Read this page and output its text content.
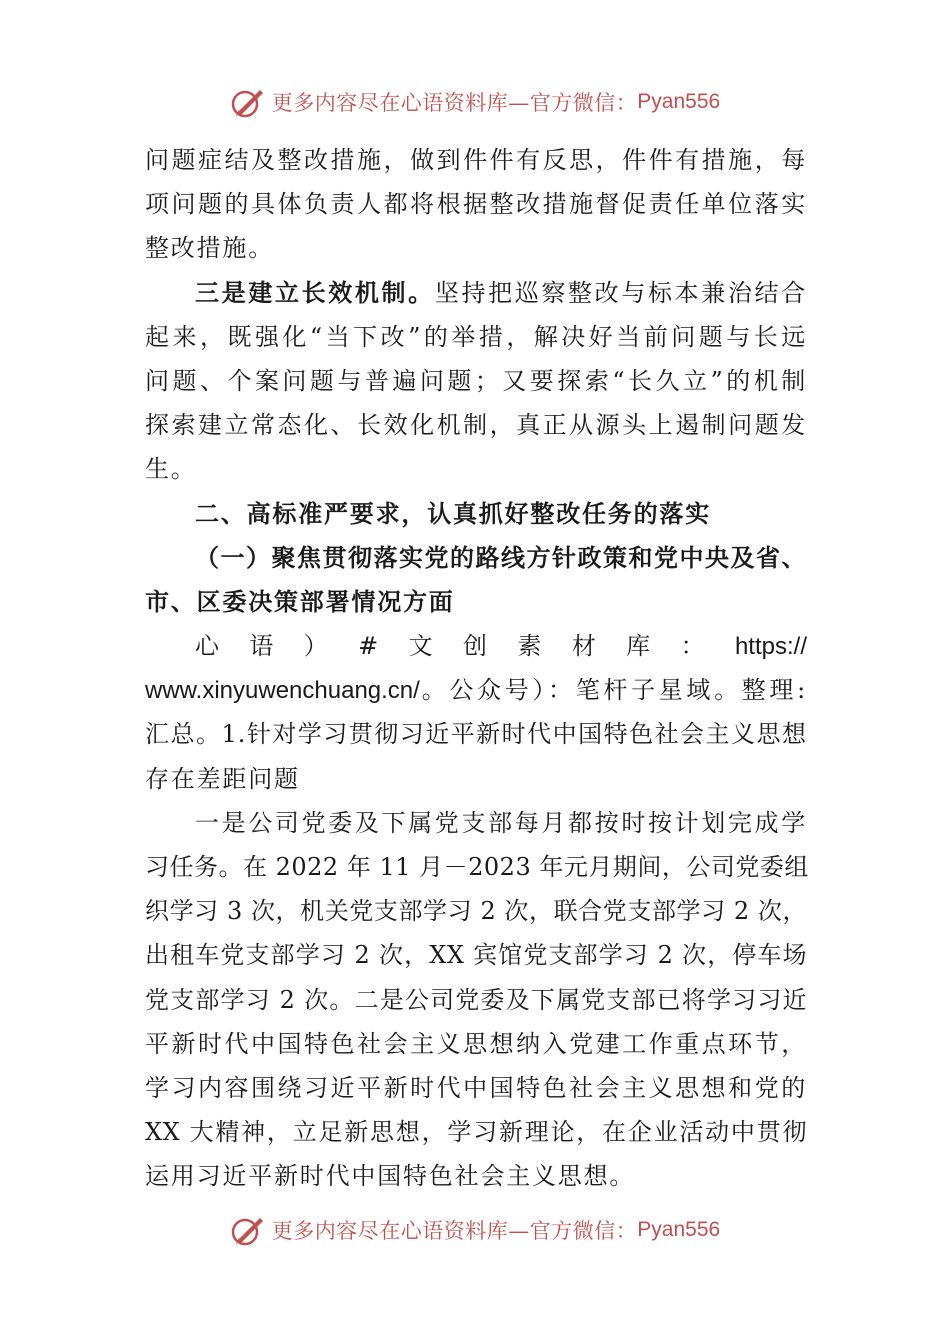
更多内容尽在心语资料库—官方微信： Pyan556
问题症结及整改措施，做到件件有反思，件件有措施，每
项问题的具体负责人都将根据整改措施督促责任单位落实
整改措施。
三是建立长效机制。坚持把巡察整改与标本兼治结合
起来，既强化“当下改”的举措，解决好当前问题与长远
问题、个案问题与普遍问题；又要探索“长久立”的机制
探索建立常态化、长效化机制，真正从源头上遏制问题发
生。
二、高标准严要求，认真抓好整改任务的落实
（一）聚焦贯彻落实党的路线方针政策和党中央及省、
市、区委决策部署情况方面
心语）#文创素材库：https://
www.xinyuwenchuang.cn/。公众号）：笔杆子星域。整理:
汇总。1.针对学习贯彻习近平新时代中国特色社会主义思想
存在差距问题
一是公司党委及下属党支部每月都按时按计划完成学
习任务。在 2022 年 11 月－2023 年元月期间，公司党委组
织学习 3 次，机关党支部学习 2 次，联合党支部学习 2 次，
出租车党支部学习 2 次，XX 宾馆党支部学习 2 次，停车场
党支部学习 2 次。二是公司党委及下属党支部已将学习习近
平新时代中国特色社会主义思想纳入党建工作重点环节，
学习内容围绕习近平新时代中国特色社会主义思想和党的
XX 大精神，立足新思想，学习新理论，在企业活动中贯彻
运用习近平新时代中国特色社会主义思想。
更多内容尽在心语资料库—官方微信： Pyan556
